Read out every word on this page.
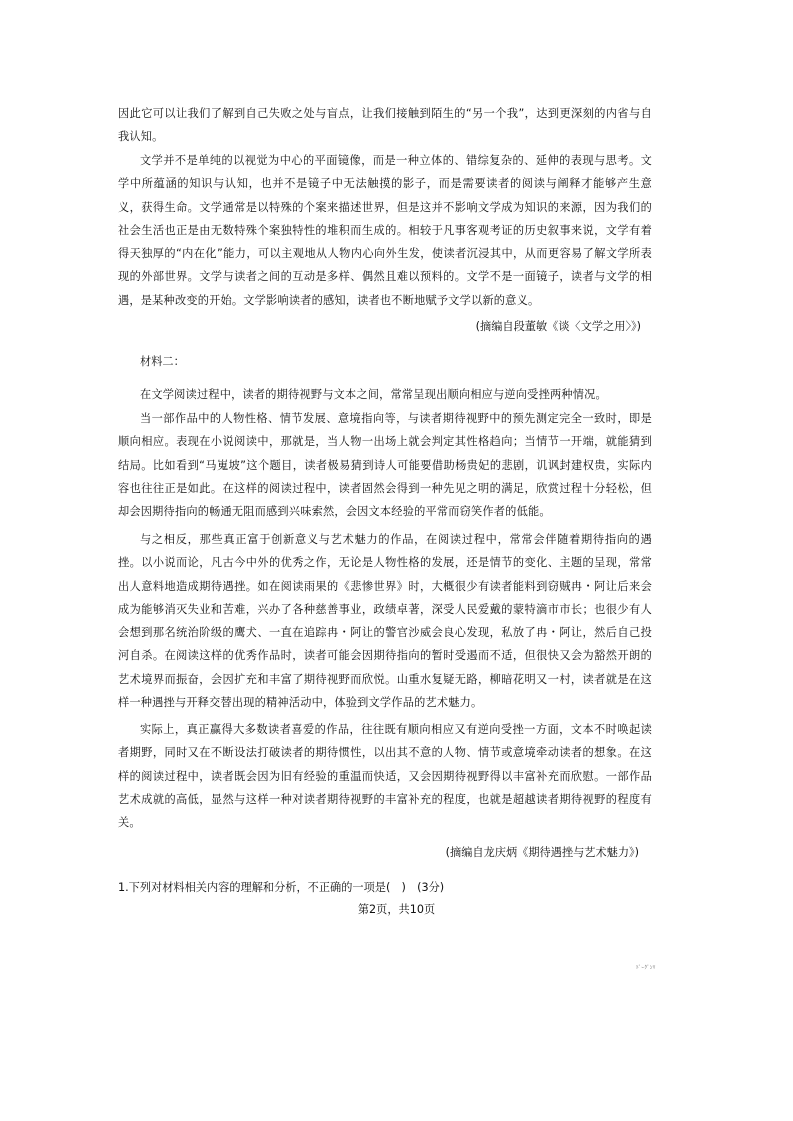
因此它可以让我们了解到自己失败之处与盲点，让我们接触到陌生的“另一个我”，达到更深刻的内省与自我认知。

文学并不是单纯的以视觉为中心的平面镜像，而是一种立体的、错综复杂的、延伸的表现与思考。文学中所蕴涵的知识与认知，也并不是镜子中无法触摸的影子，而是需要读者的阅读与阐释才能够产生意义，获得生命。文学通常是以特殊的个案来描述世界，但是这并不影响文学成为知识的来源，因为我们的社会生活也正是由无数特殊个案独特性的堆积而生成的。相较于凡事客观考证的历史叙事来说，文学有着得天独厚的“内在化”能力，可以主观地从人物内心向外生发，使读者沉浸其中，从而更容易了解文学所表现的外部世界。文学与读者之间的互动是多样、偶然且难以预料的。文学不是一面镜子，读者与文学的相遇，是某种改变的开始。文学影响读者的感知，读者也不断地赋予文学以新的意义。

(摘编自段董敏《谈〈文学之用〉》)

材料二：

在文学阅读过程中，读者的期待视野与文本之间，常常呈现出顺向相应与逆向受挫两种情况。

当一部作品中的人物性格、情节发展、意境指向等，与读者期待视野中的预先测定完全一致时，即是顺向相应。表现在小说阅读中，那就是，当人物一出场上就会判定其性格趋向；当情节一开端，就能猜到结局。比如看到“马嵬坡”这个题目，读者极易猜到诗人可能要借助杨贵妃的悲剧，讥讽封建权贵，实际内容也往往正是如此。在这样的阅读过程中，读者固然会得到一种先见之明的满足，欣赏过程十分轻松，但却会因期待指向的畅通无阻而感到兴味索然，会因文本经验的平常而窃笑作者的低能。

与之相反，那些真正富于创新意义与艺术魅力的作品，在阅读过程中，常常会伴随着期待指向的遇挫。以小说而论，凡古今中外的优秀之作，无论是人物性格的发展，还是情节的变化、主题的呈现，常常出人意料地造成期待遇挫。如在阅读雨果的《悲惨世界》时，大概很少有读者能料到窃贼冉・阿让后来会成为能够消灭失业和苦难，兴办了各种慈善事业，政绩卓著，深受人民爱戴的蒙特滴市市长；也很少有人会想到那名统治阶级的鹰犬、一直在追踪冉・阿让的警官沙威会良心发现，私放了冉・阿让，然后自己投河自杀。在阅读这样的优秀作品时，读者可能会因期待指向的暂时受遏而不适，但很快又会为豁然开朗的艺术境界而振奋，会因扩充和丰富了期待视野而欣悦。山重水复疑无路，柳暗花明又一村，读者就是在这样一种遇挫与开释交替出现的精神活动中，体验到文学作品的艺术魅力。

实际上，真正赢得大多数读者喜爱的作品，往往既有顺向相应又有逆向受挫一方面，文本不时唤起读者期野，同时又在不断设法打破读者的期待惯性，以出其不意的人物、情节或意境牵动读者的想象。在这样的阅读过程中，读者既会因为旧有经验的重温而快适，又会因期待视野得以丰富补充而欣慰。一部作品艺术成就的高低，显然与这样一种对读者期待视野的丰富补充的程度，也就是超越读者期待视野的程度有关。

(摘编自龙庆炳《期待遇挫与艺术魅力》)

1.下列对材料相关内容的理解和分析，不正确的一项是(　)　(3分)

第2页，共10页

ﾄﾞｰｸﾞﾝﾘ
